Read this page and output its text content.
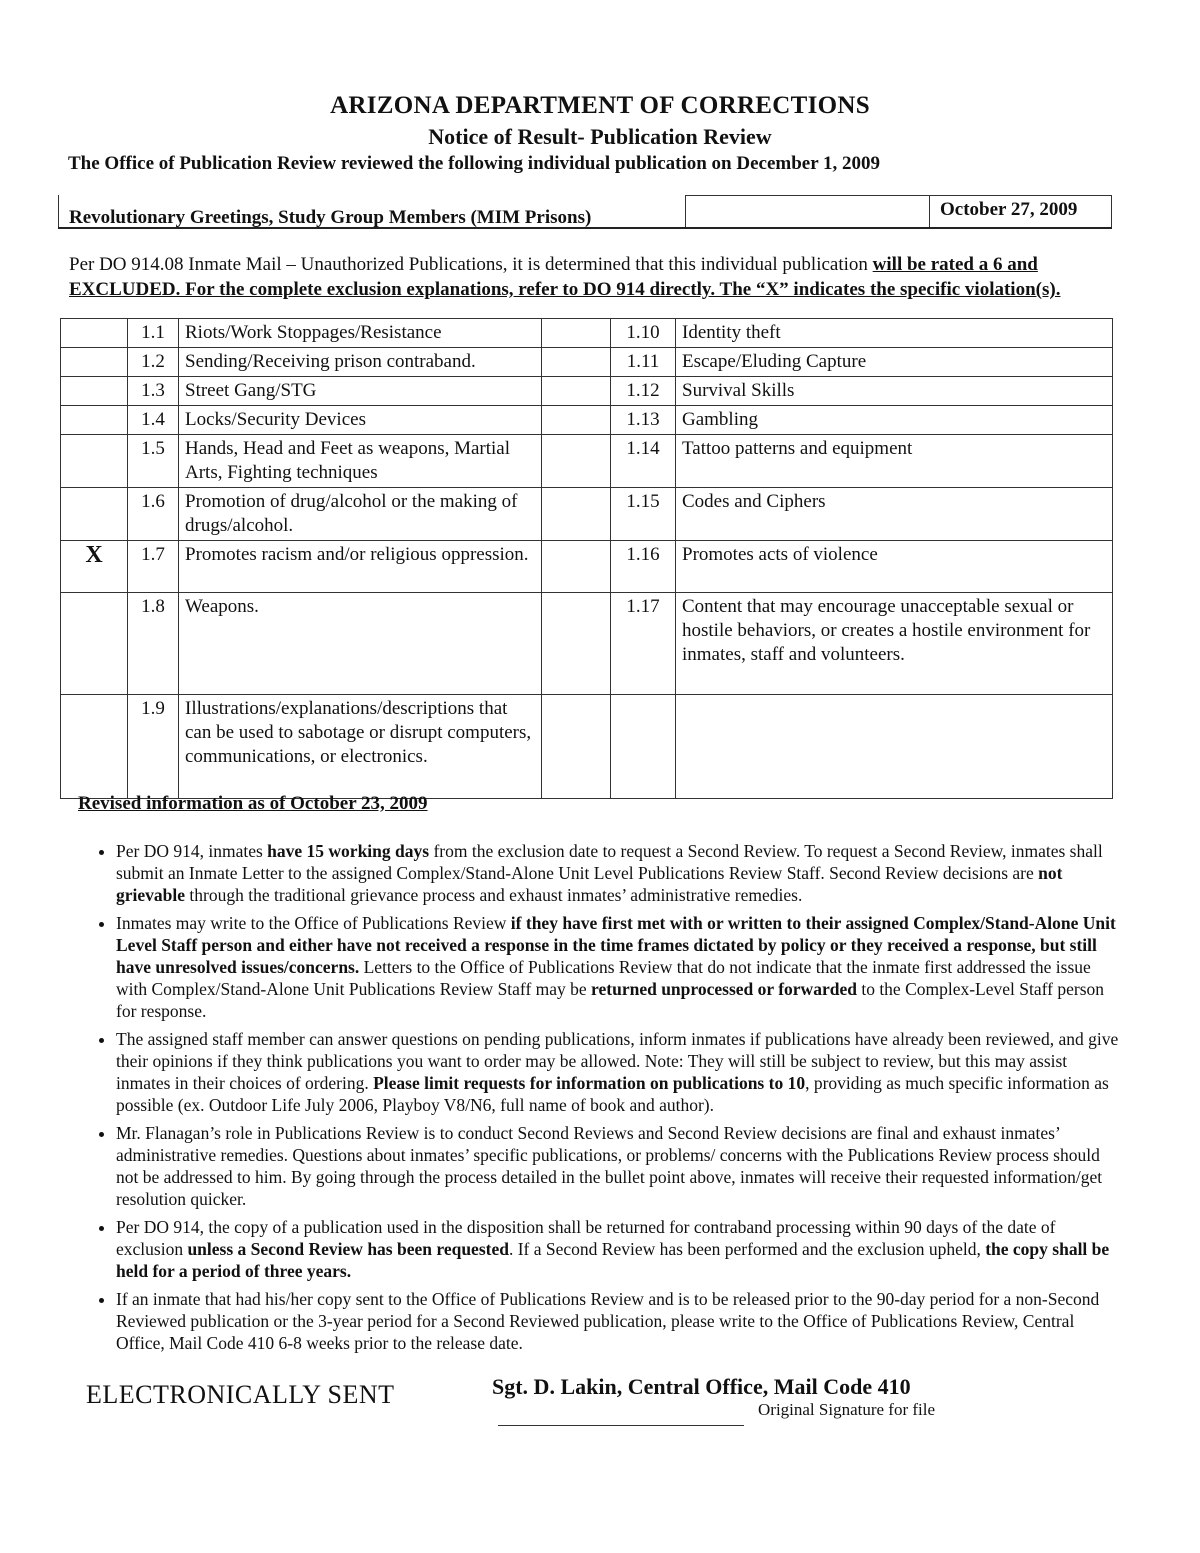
ARIZONA DEPARTMENT OF CORRECTIONS
Notice of Result- Publication Review
The Office of Publication Review reviewed the following individual publication on December 1, 2009
Revolutionary Greetings, Study Group Members (MIM Prisons)	October 27, 2009
Per DO 914.08 Inmate Mail – Unauthorized Publications, it is determined that this individual publication will be rated a 6 and EXCLUDED. For the complete exclusion explanations, refer to DO 914 directly. The “X” indicates the specific violation(s).
	1.1	Riots/Work Stoppages/Resistance		1.10	Identity theft
	1.2	Sending/Receiving prison contraband.		1.11	Escape/Eluding Capture
	1.3	Street Gang/STG		1.12	Survival Skills
	1.4	Locks/Security Devices		1.13	Gambling
	1.5	Hands, Head and Feet as weapons, Martial Arts, Fighting techniques		1.14	Tattoo patterns and equipment
	1.6	Promotion of drug/alcohol or the making of drugs/alcohol.		1.15	Codes and Ciphers
X	1.7	Promotes racism and/or religious oppression.		1.16	Promotes acts of violence
	1.8	Weapons.		1.17	Content that may encourage unacceptable sexual or hostile behaviors, or creates a hostile environment for inmates, staff and volunteers.
	1.9	Illustrations/explanations/descriptions that can be used to sabotage or disrupt computers, communications, or electronics.			
Revised information as of October 23, 2009
• Per DO 914, inmates have 15 working days from the exclusion date to request a Second Review. To request a Second Review, inmates shall submit an Inmate Letter to the assigned Complex/Stand-Alone Unit Level Publications Review Staff. Second Review decisions are not grievable through the traditional grievance process and exhaust inmates’ administrative remedies.
• Inmates may write to the Office of Publications Review if they have first met with or written to their assigned Complex/Stand-Alone Unit Level Staff person and either have not received a response in the time frames dictated by policy or they received a response, but still have unresolved issues/concerns. Letters to the Office of Publications Review that do not indicate that the inmate first addressed the issue with Complex/Stand-Alone Unit Publications Review Staff may be returned unprocessed or forwarded to the Complex-Level Staff person for response.
• The assigned staff member can answer questions on pending publications, inform inmates if publications have already been reviewed, and give their opinions if they think publications you want to order may be allowed. Note: They will still be subject to review, but this may assist inmates in their choices of ordering. Please limit requests for information on publications to 10, providing as much specific information as possible (ex. Outdoor Life July 2006, Playboy V8/N6, full name of book and author).
• Mr. Flanagan’s role in Publications Review is to conduct Second Reviews and Second Review decisions are final and exhaust inmates’ administrative remedies. Questions about inmates’ specific publications, or problems/ concerns with the Publications Review process should not be addressed to him. By going through the process detailed in the bullet point above, inmates will receive their requested information/get resolution quicker.
• Per DO 914, the copy of a publication used in the disposition shall be returned for contraband processing within 90 days of the date of exclusion unless a Second Review has been requested. If a Second Review has been performed and the exclusion upheld, the copy shall be held for a period of three years.
• If an inmate that had his/her copy sent to the Office of Publications Review and is to be released prior to the 90-day period for a non-Second Reviewed publication or the 3-year period for a Second Reviewed publication, please write to the Office of Publications Review, Central Office, Mail Code 410 6-8 weeks prior to the release date.
ELECTRONICALLY SENT	Sgt. D. Lakin, Central Office, Mail Code 410
Original Signature for file
